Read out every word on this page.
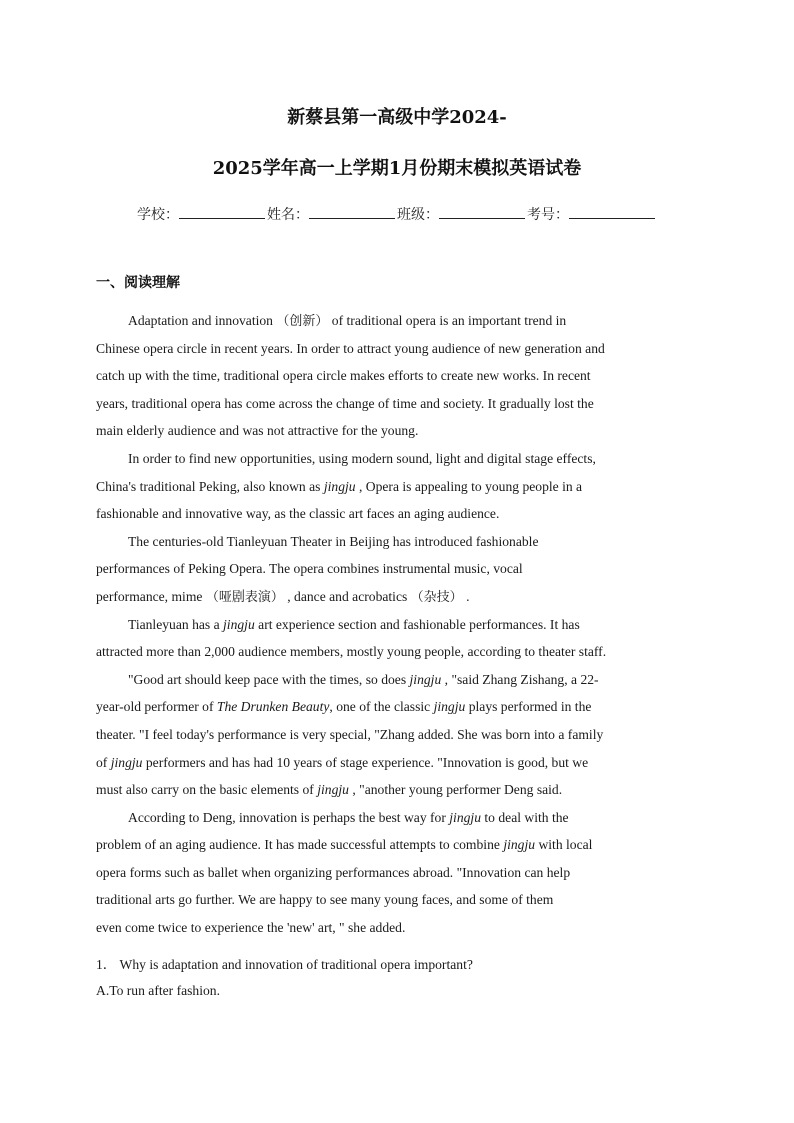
新蔡县第一高级中学2024-
2025学年高一上学期1月份期末模拟英语试卷
学校：	姓名：	班级：	考号：
一、阅读理解
Adaptation and innovation （创新） of traditional opera is an important trend in
Chinese opera circle in recent years. In order to attract young audience of new generation and
catch up with the time, traditional opera circle makes efforts to create new works. In recent
years, traditional opera has come across the change of time and society. It gradually lost the
main elderly audience and was not attractive for the young.
In order to find new opportunities, using modern sound, light and digital stage effects,
China's traditional Peking, also known as jingju , Opera is appealing to young people in a
fashionable and innovative way, as the classic art faces an aging audience.
The centuries-old Tianleyuan Theater in Beijing has introduced fashionable
performances of Peking Opera. The opera combines instrumental music, vocal
performance, mime （哑剧表演） , dance and acrobatics （杂技） .
Tianleyuan has a jingju art experience section and fashionable performances. It has
attracted more than 2,000 audience members, mostly young people, according to theater staff.
"Good art should keep pace with the times, so does jingju , "said Zhang Zishang, a 22-
year-old performer of The Drunken Beauty, one of the classic jingju plays performed in the
theater. "I feel today's performance is very special, "Zhang added. She was born into a family
of jingju performers and has had 10 years of stage experience. "Innovation is good, but we
must also carry on the basic elements of jingju , "another young performer Deng said.
According to Deng, innovation is perhaps the best way for jingju to deal with the
problem of an aging audience. It has made successful attempts to combine jingju with local
opera forms such as ballet when organizing performances abroad. "Innovation can help
traditional arts go further. We are happy to see many young faces, and some of them
even come twice to experience the 'new' art, " she added.
1． Why is adaptation and innovation of traditional opera important?
A.To run after fashion.
